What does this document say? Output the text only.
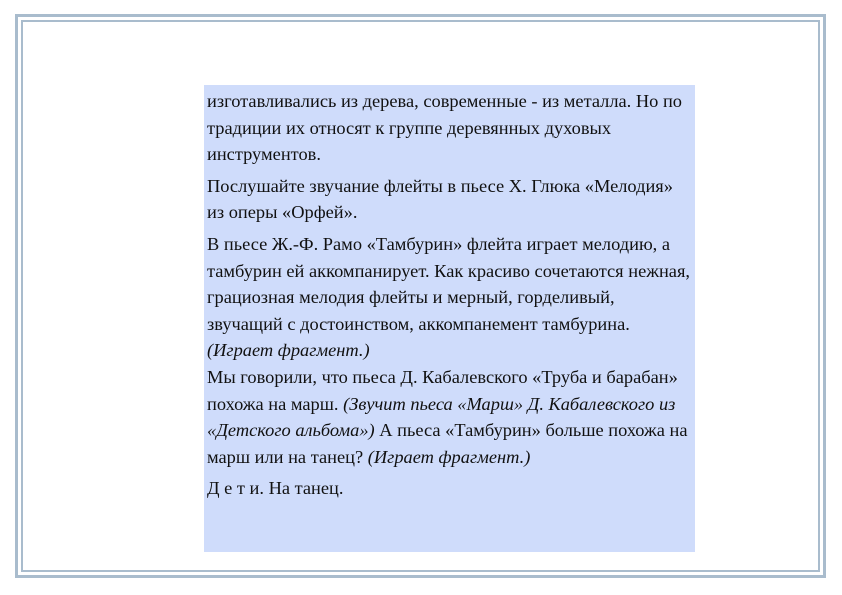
изготавливались из дерева, современные - из металла. Но по традиции их относят к группе деревянных духовых инструментов.

Послушайте звучание флейты в пьесе Х. Глюка «Мелодия» из оперы «Орфей».

В пьесе Ж.-Ф. Рамо «Тамбурин» флейта играет мелодию, а тамбурин ей аккомпанирует. Как красиво сочетаются нежная, грациозная мелодия флейты и мерный, горделивый, звучащий с достоинством, аккомпанемент тамбурина. (Играет фрагмент.)

Мы говорили, что пьеса Д. Кабалевского «Труба и барабан» похожа на марш. (Звучит пьеса «Марш» Д. Кабалевского из «Детского альбома») А пьеса «Тамбурин» больше похожа на марш или на танец? (Играет фрагмент.)

Д е т и. На танец.
